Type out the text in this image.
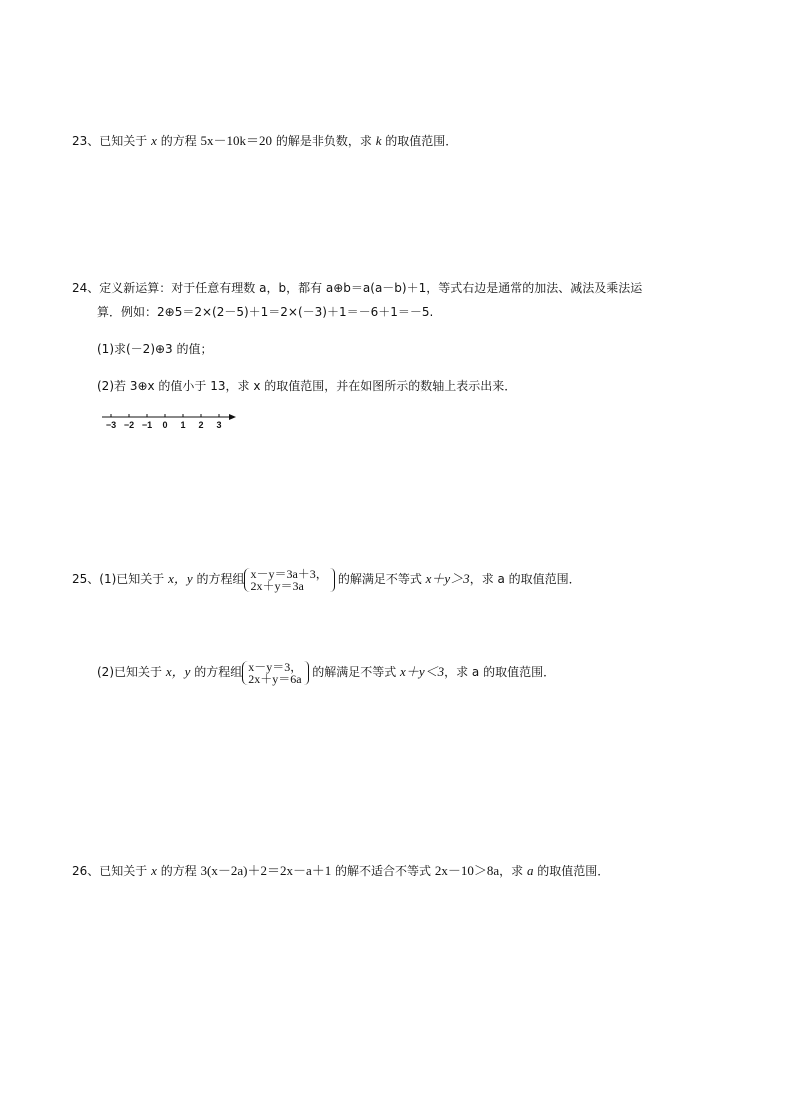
23、已知关于 x 的方程 5x－10k＝20 的解是非负数，求 k 的取值范围．
24、定义新运算：对于任意有理数 a，b，都有 a⊕b＝a(a－b)＋1，等式右边是通常的加法、减法及乘法运
算．例如：2⊕5＝2×(2－5)＋1＝2×(－3)＋1＝－6＋1＝－5.
(1)求(－2)⊕3 的值；
(2)若 3⊕x 的值小于 13，求 x 的取值范围，并在如图所示的数轴上表示出来．
−3 −2 −1 0 1 2 3
25、(1)已知关于 x，y 的方程组 x－y＝3a＋3，
2x＋y＝3a	的解满足不等式 x＋y＞3，求 a 的取值范围．
(2)已知关于 x，y 的方程组 x－y＝3，
2x＋y＝6a 的解满足不等式 x＋y＜3，求 a 的取值范围．
26、已知关于 x 的方程 3(x－2a)＋2＝2x－a＋1 的解不适合不等式 2x－10＞8a，求 a 的取值范围．
